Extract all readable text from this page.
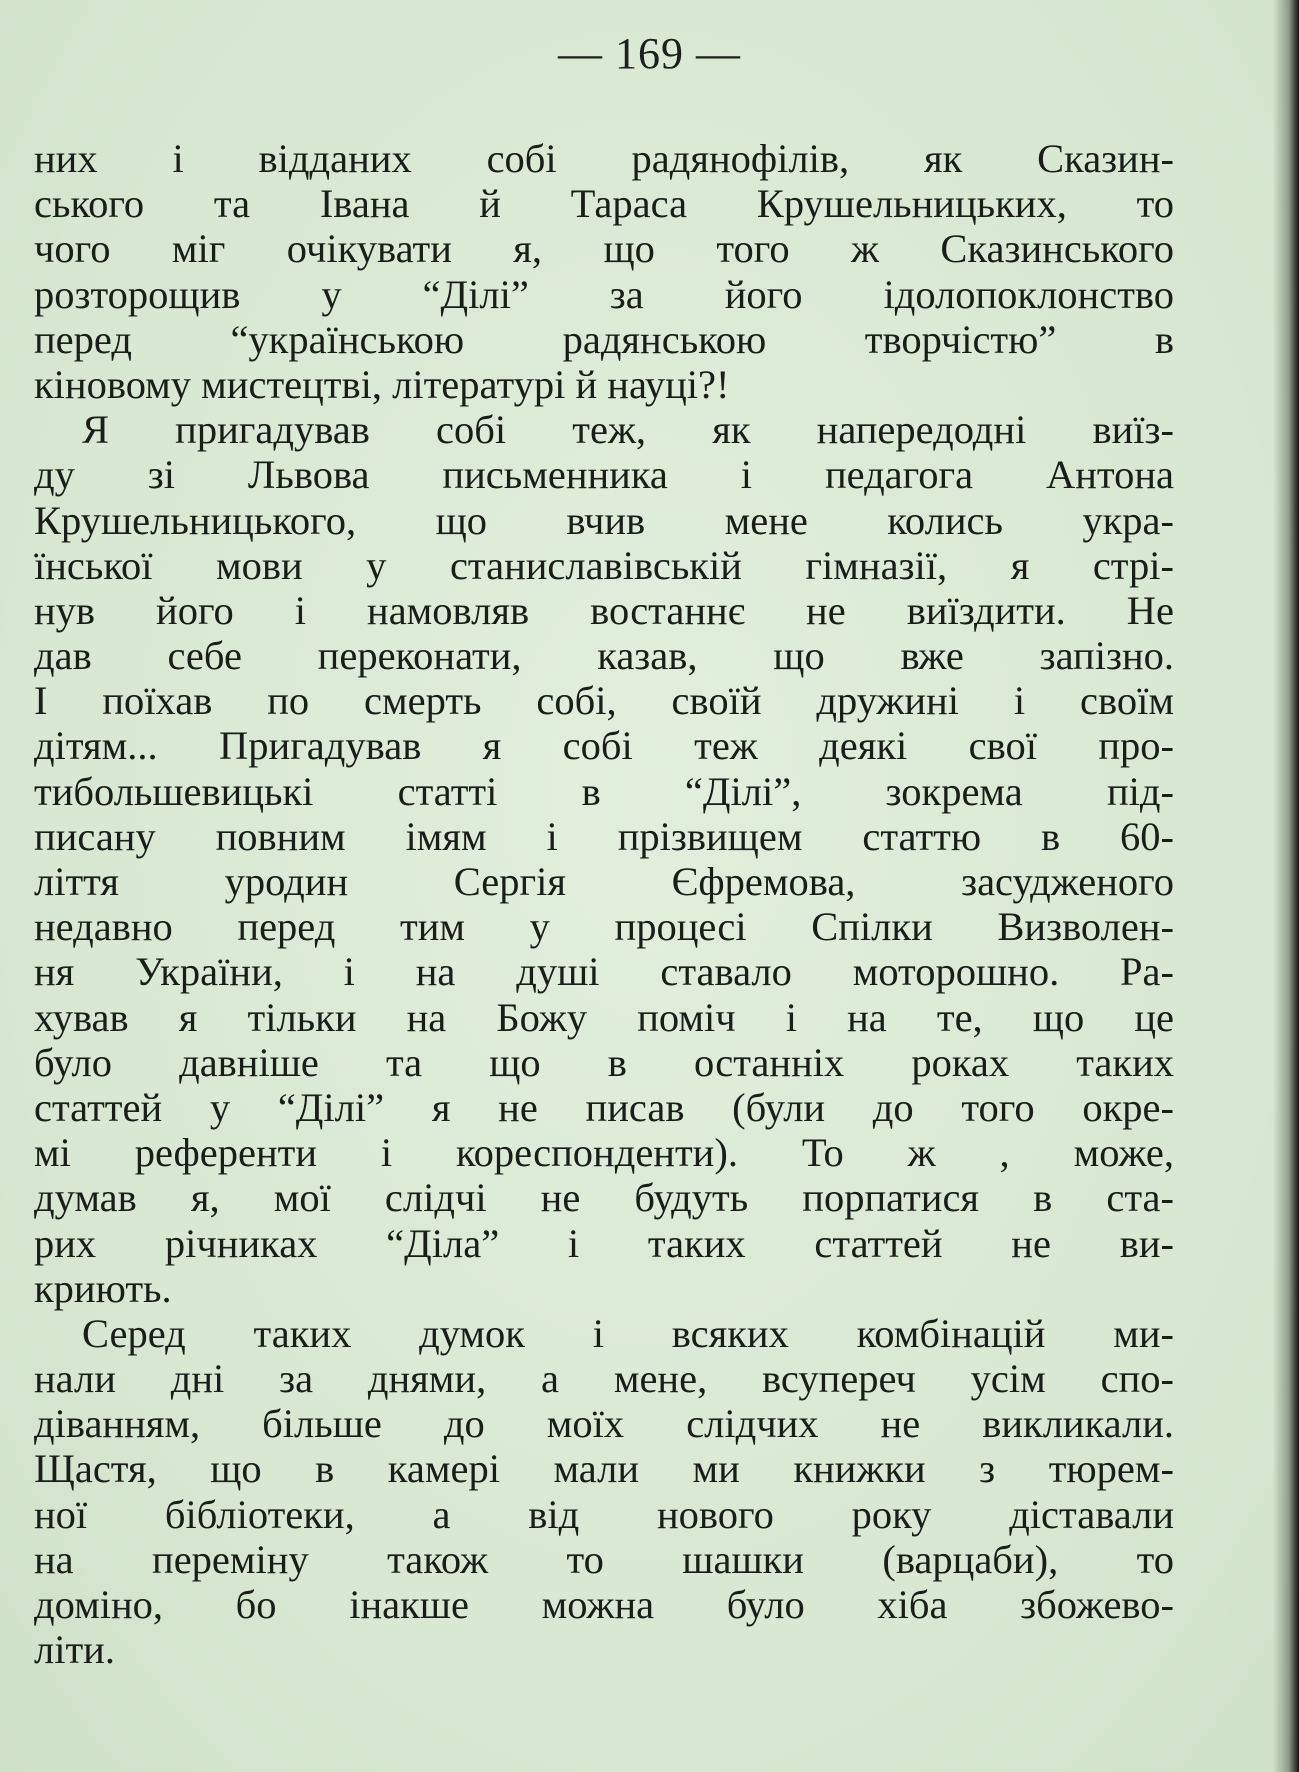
— 169 —
них і відданих собі радянофілів, як Сказин-
ського та Івана й Тараса Крушельницьких, то
чого міг очікувати я, що того ж Сказинського
розторощив у “Ділі” за його ідолопоклонство
перед “українською радянською творчістю” в
кіновому мистецтві, літературі й науці?!
Я пригадував собі теж, як напередодні виїз-
ду зі Львова письменника і педагога Антона
Крушельницького, що вчив мене колись укра-
їнської мови у станиславівській гімназії, я стрі-
нув його і намовляв востаннє не виїздити. Не
дав себе переконати, казав, що вже запізно.
І поїхав по смерть собі, своїй дружині і своїм
дітям... Пригадував я собі теж деякі свої про-
тибольшевицькі статті в “Ділі”, зокрема під-
писану повним імям і прізвищем статтю в 60-
ліття уродин Сергія Єфремова, засудженого
недавно перед тим у процесі Спілки Визволен-
ня України, і на душі ставало моторошно. Ра-
хував я тільки на Божу поміч і на те, що це
було давніше та що в останніх роках таких
статтей у “Ділі” я не писав (були до того окре-
мі референти і кореспонденти). То ж , може,
думав я, мої слідчі не будуть порпатися в ста-
рих річниках “Діла” і таких статтей не ви-
криють.
Серед таких думок і всяких комбінацій ми-
нали дні за днями, а мене, всупереч усім спо-
діванням, більше до моїх слідчих не викликали.
Щастя, що в камері мали ми книжки з тюрем-
ної бібліотеки, а від нового року діставали
на переміну також то шашки (варцаби), то
доміно, бо інакше можна було хіба збожево-
літи.
